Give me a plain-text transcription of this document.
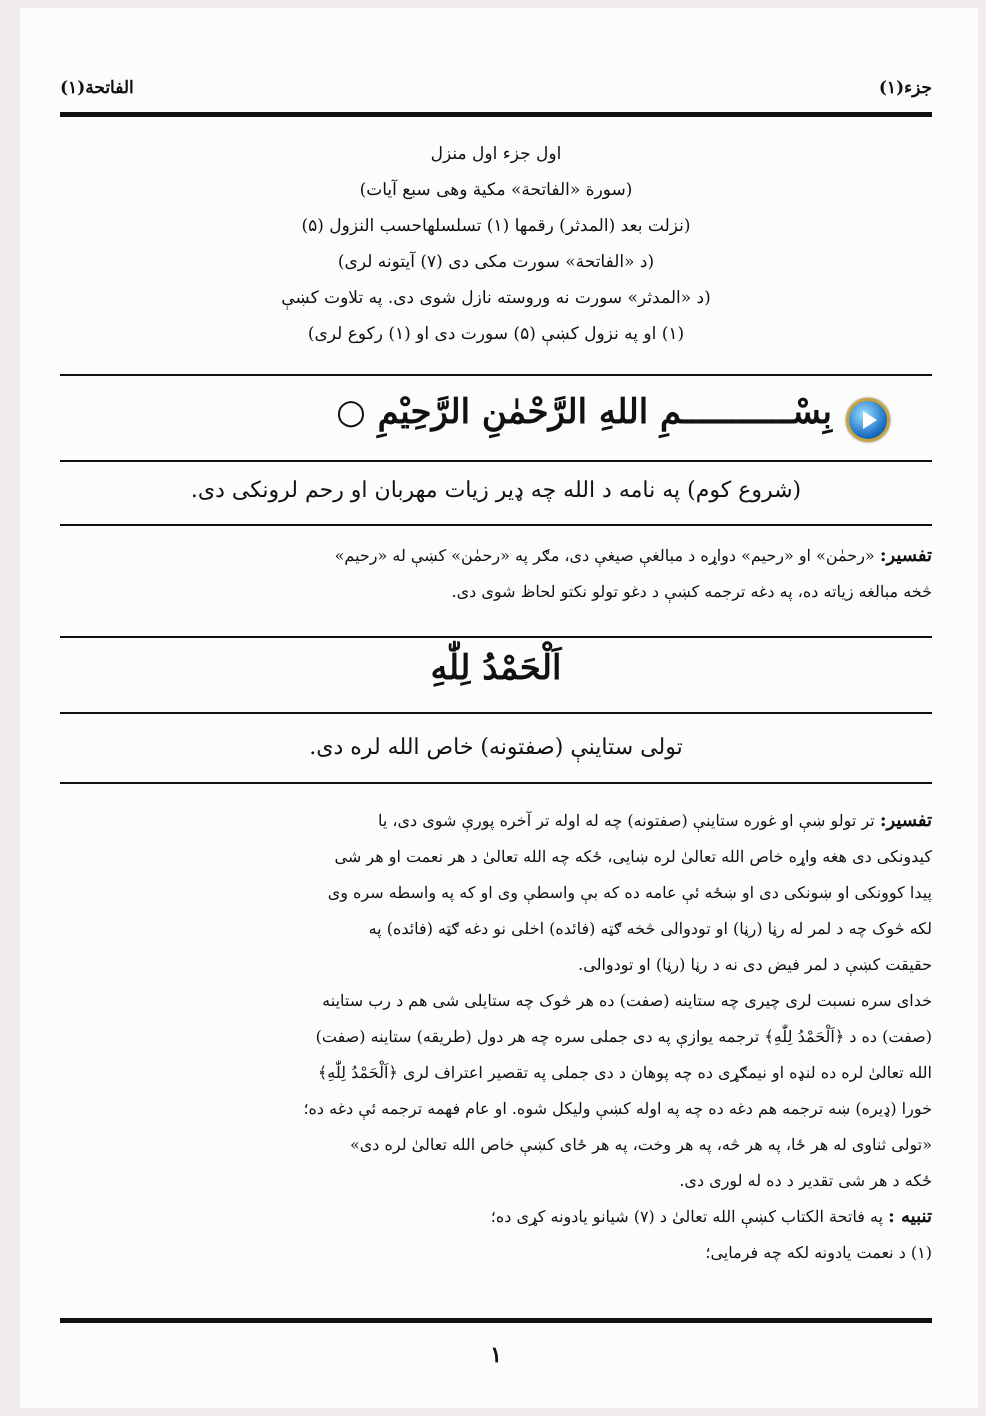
جزء(۱)
الفاتحة(۱)
اول جزء اول منزل
(سورة «الفاتحة» مكية وهی سبع آيات)
(نزلت بعد (المدثر) رقمها (۱) تسلسلهاحسب النزول (۵)
(د «الفاتحة» سورت مكی دی (۷) آيتونه لری)
(د «المدثر» سورت نه وروسته نازل شوی دی. په تلاوت كښې
(۱) او په نزول كښې (۵) سورت دی او (۱) ركوع لری)
بِسْـــــــــــمِ اللهِ الرَّحْمٰنِ الرَّحِيْمِ ○
(شروع كوم) په نامه د الله چه ډير زيات مهربان او رحم لرونكی دی.

تفسير: «رحمٰن» او «رحيم» دواړه د مبالغې صيغې دی، مګر په «رحمٰن» كښې له «رحيم»

څخه مبالغه زياته ده، په دغه ترجمه كښې د دغو تولو نكتو لحاظ شوی دی.

اَلْحَمْدُ لِلّٰهِ
تولی ستاينې (صفتونه) خاص الله لره دی.

تفسير: تر تولو ښې او غوره ستاينې (صفتونه) چه له اوله تر آخره پورې شوی دی، يا

كيدونكی دی هغه واړه خاص الله تعالىٰ لره ښايی، ځكه چه الله تعالىٰ د هر نعمت او هر شی

پيدا كوونكی او ښونكی دی او ښځه ئې عامه ده كه بې واسطې وی او كه په واسطه سره وی

لكه څوک چه د لمر له رڼا (رڼا) او تودوالی څخه ګټه (فائده) اخلی نو دغه ګټه (فائده) په

حقيقت كښې د لمر فيض دی نه د رڼا (رڼا) او تودوالی.

خدای سره نسبت لری چيری چه ستاينه (صفت) ده هر څوک چه ستايلی شی هم د رب ستاينه

(صفت) ده د ﴿اَلْحَمْدُ لِلّٰهِ﴾ ترجمه يوازې په دی جملی سره چه هر دول (طريقه) ستاينه (صفت)

الله تعالىٰ لره ده لنډه او نيمګړی ده چه پوهان د دی جملی په تقصير اعتراف لری ﴿اَلْحَمْدُ لِلّٰهِ﴾

خورا (ډيره) ښه ترجمه هم دغه ده چه په اوله كښې وليكل شوه. او عام فهمه ترجمه ئې دغه ده؛

«تولی ثناوی له هر ځا، په هر څه، په هر وخت، په هر ځای كښې خاص الله تعالىٰ لره دی»

ځكه د هر شی تقدير د ده له لوری دی.

تنبيه : په فاتحة الكتاب كښې الله تعالىٰ د (۷) شيانو يادونه كړی ده؛

(۱) د نعمت يادونه لكه چه فرمايی؛

۱
